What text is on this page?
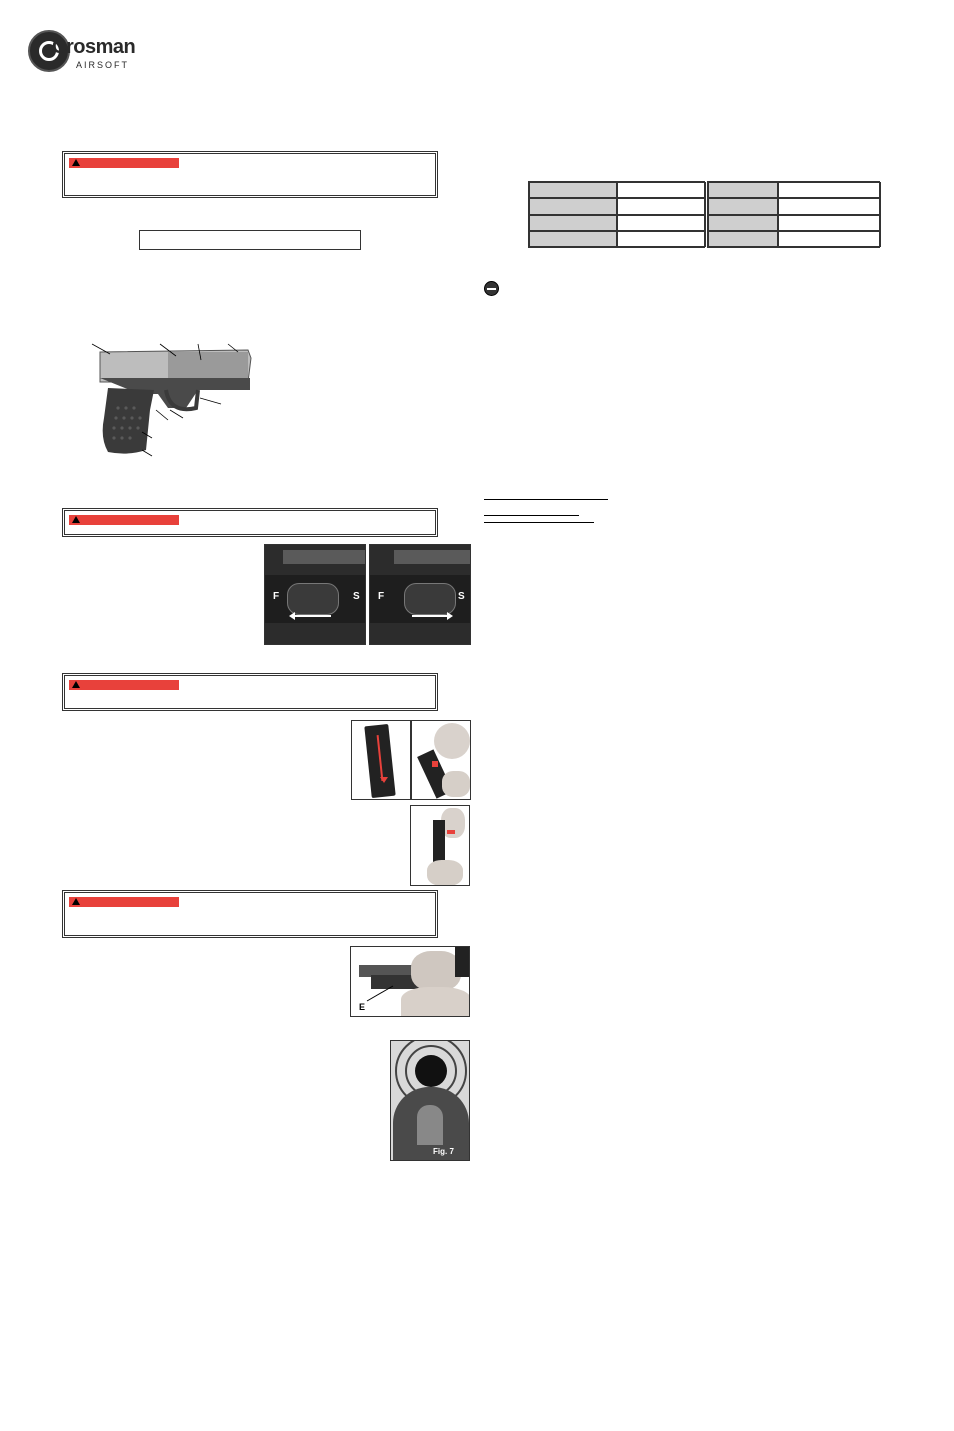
Crosman
AIRSOFT
F	S F	S
E
Fig. 7
